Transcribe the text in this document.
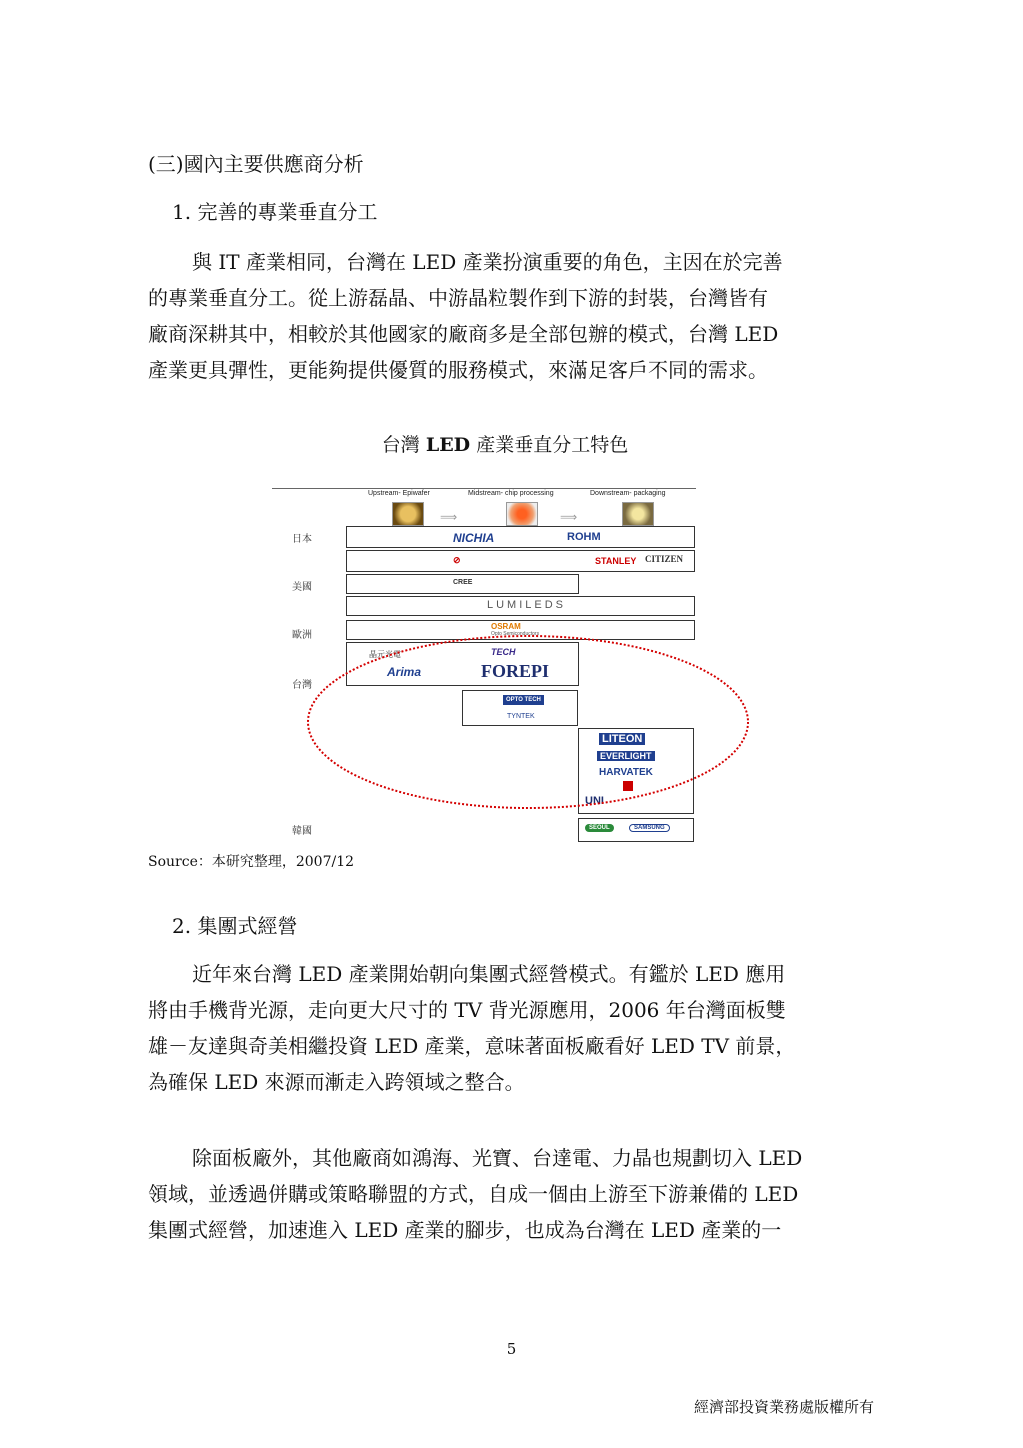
(三)國內主要供應商分析
1. 完善的專業垂直分工
與 IT 產業相同，台灣在 LED 產業扮演重要的角色，主因在於完善
的專業垂直分工。從上游磊晶、中游晶粒製作到下游的封裝，台灣皆有
廠商深耕其中，相較於其他國家的廠商多是全部包辦的模式，台灣 LED
產業更具彈性，更能夠提供優質的服務模式，來滿足客戶不同的需求。
台灣 LED 產業垂直分工特色
Upstream- Epiwafer	Midstream- chip processing	Downstream- packaging
⟹	⟹
日本
美國
歐洲
台灣
韓國
NICHIA	ROHM
⊘	STANLEY CITIZEN
CREE
LUMILEDS
OSRAM
Opto Semiconductors
晶元光電
Arima
TECH
FOREPI
OPTO TECH
TYNTEK
LITEON
EVERLIGHT
HARVATEK
UNI
SEOUL	SAMSUNG
Source：本研究整理，2007/12
2. 集團式經營
近年來台灣 LED 產業開始朝向集團式經營模式。有鑑於 LED 應用
將由手機背光源，走向更大尺寸的 TV 背光源應用，2006 年台灣面板雙
雄－友達與奇美相繼投資 LED 產業，意味著面板廠看好 LED TV 前景，
為確保 LED 來源而漸走入跨領域之整合。
除面板廠外，其他廠商如鴻海、光寶、台達電、力晶也規劃切入 LED
領域，並透過併購或策略聯盟的方式，自成一個由上游至下游兼備的 LED
集團式經營，加速進入 LED 產業的腳步，也成為台灣在 LED 產業的一
5
經濟部投資業務處版權所有
